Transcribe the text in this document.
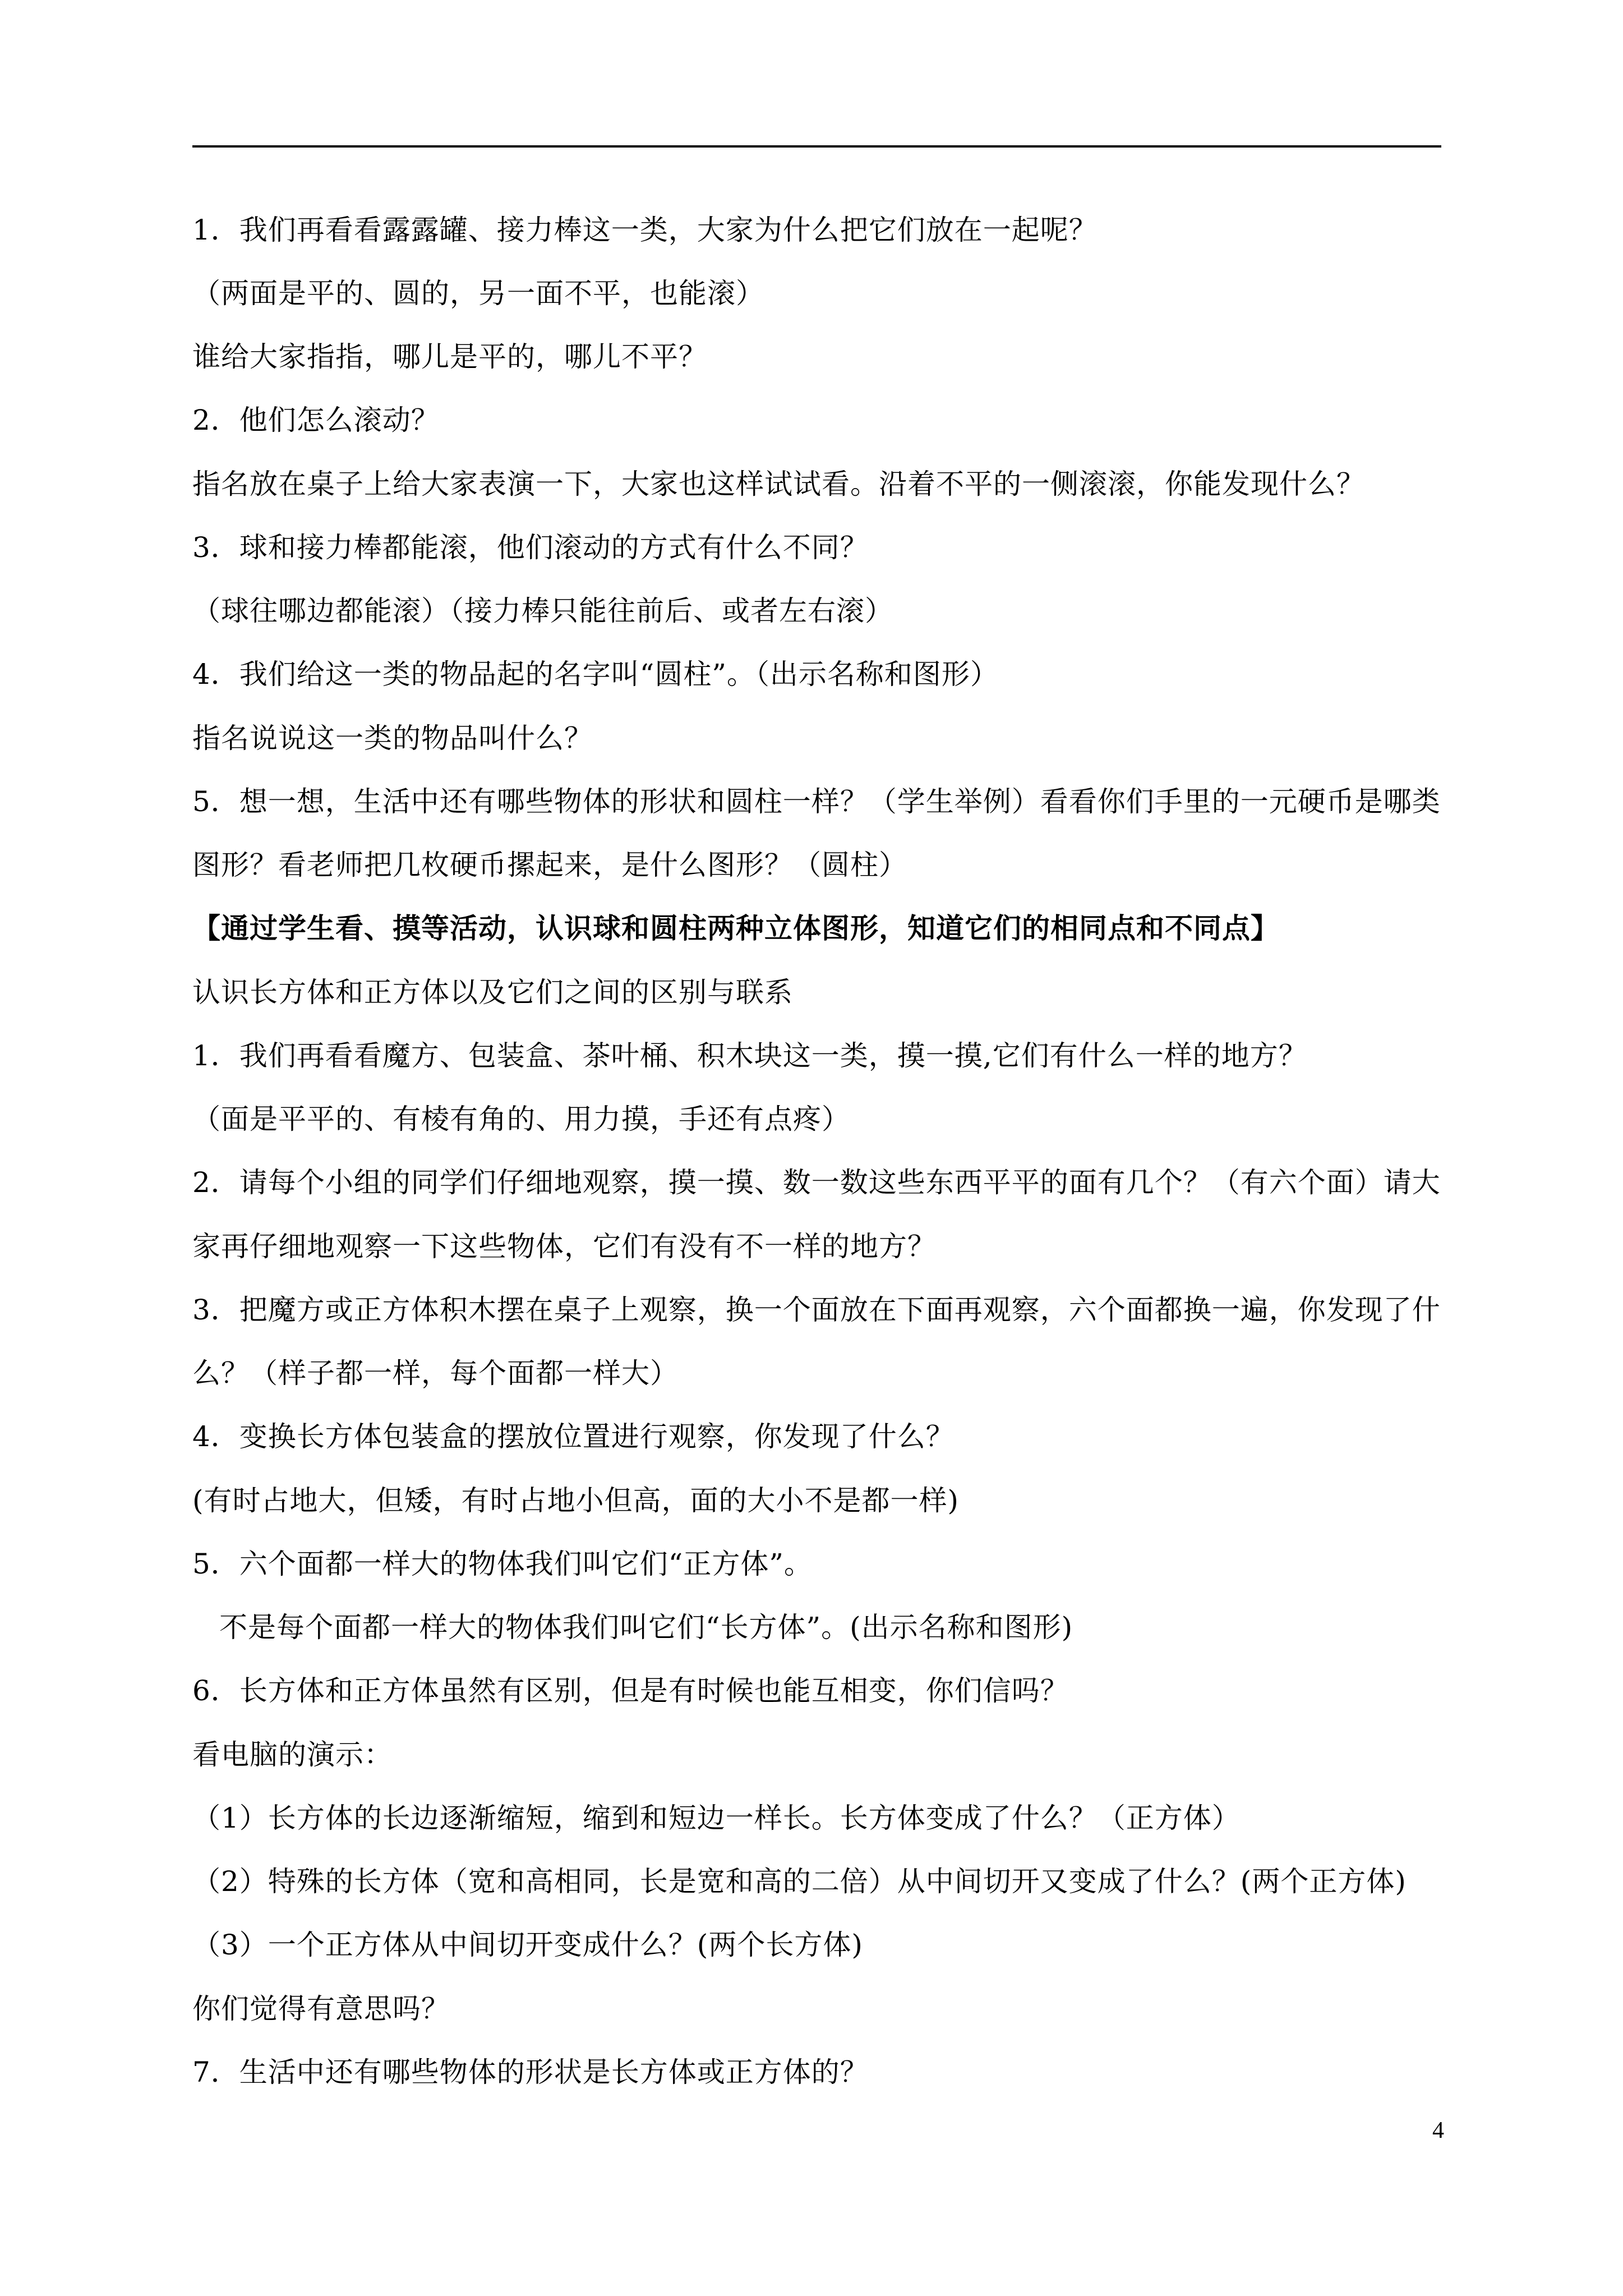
1．我们再看看露露罐、接力棒这一类，大家为什么把它们放在一起呢？
（两面是平的、圆的，另一面不平，也能滚）
谁给大家指指，哪儿是平的，哪儿不平？
2．他们怎么滚动？
指名放在桌子上给大家表演一下，大家也这样试试看。沿着不平的一侧滚滚，你能发现什么？
3．球和接力棒都能滚，他们滚动的方式有什么不同？
（球往哪边都能滚）（接力棒只能往前后、或者左右滚）
4．我们给这一类的物品起的名字叫“圆柱”。（出示名称和图形）
指名说说这一类的物品叫什么？
5．想一想，生活中还有哪些物体的形状和圆柱一样？（学生举例）看看你们手里的一元硬币是哪类
图形？看老师把几枚硬币摞起来，是什么图形？（圆柱）
【通过学生看、摸等活动，认识球和圆柱两种立体图形，知道它们的相同点和不同点】
认识长方体和正方体以及它们之间的区别与联系
1．我们再看看魔方、包装盒、茶叶桶、积木块这一类，摸一摸,它们有什么一样的地方？
（面是平平的、有棱有角的、用力摸，手还有点疼）
2．请每个小组的同学们仔细地观察，摸一摸、数一数这些东西平平的面有几个？（有六个面）请大
家再仔细地观察一下这些物体，它们有没有不一样的地方？
3．把魔方或正方体积木摆在桌子上观察，换一个面放在下面再观察，六个面都换一遍，你发现了什
么？（样子都一样，每个面都一样大）
4．变换长方体包装盒的摆放位置进行观察，你发现了什么？
(有时占地大，但矮，有时占地小但高，面的大小不是都一样)
5．六个面都一样大的物体我们叫它们“正方体”。
不是每个面都一样大的物体我们叫它们“长方体”。(出示名称和图形)
6．长方体和正方体虽然有区别，但是有时候也能互相变，你们信吗？
看电脑的演示：
（1）长方体的长边逐渐缩短，缩到和短边一样长。长方体变成了什么？（正方体）
（2）特殊的长方体（宽和高相同，长是宽和高的二倍）从中间切开又变成了什么？(两个正方体)
（3）一个正方体从中间切开变成什么？(两个长方体)
你们觉得有意思吗？
7．生活中还有哪些物体的形状是长方体或正方体的？
4
